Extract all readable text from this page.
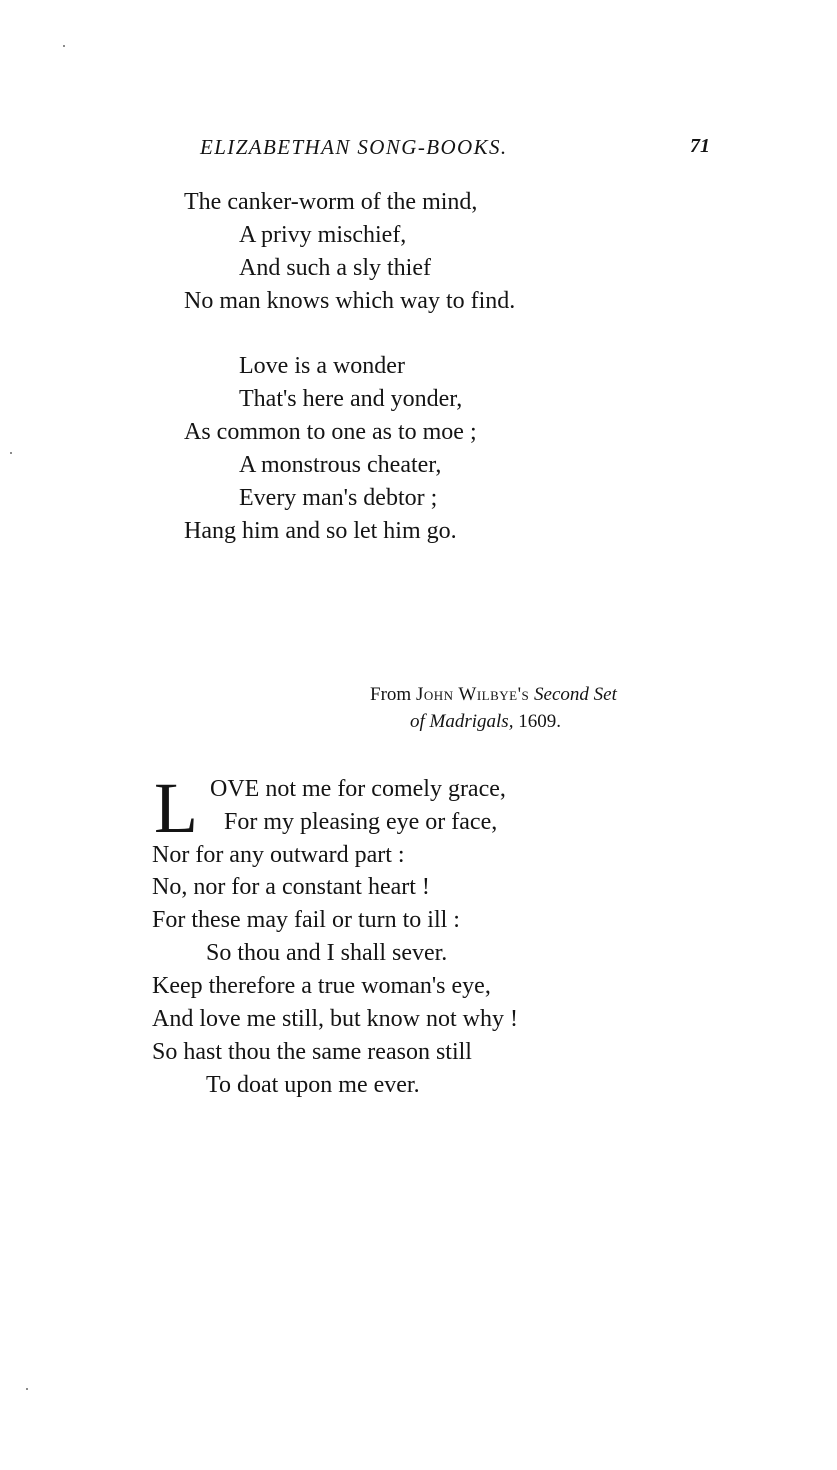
ELIZABETHAN SONG-BOOKS.	71
The canker-worm of the mind,
A privy mischief,
And such a sly thief
No man knows which way to find.
Love is a wonder
That's here and yonder,
As common to one as to moe ;
A monstrous cheater,
Every man's debtor ;
Hang him and so let him go.
From John Wilbye's Second Set
of Madrigals, 1609.
L OVE not me for comely grace,
For my pleasing eye or face,
Nor for any outward part :
No, nor for a constant heart !
For these may fail or turn to ill :
So thou and I shall sever.
Keep therefore a true woman's eye,
And love me still, but know not why !
So hast thou the same reason still
To doat upon me ever.
